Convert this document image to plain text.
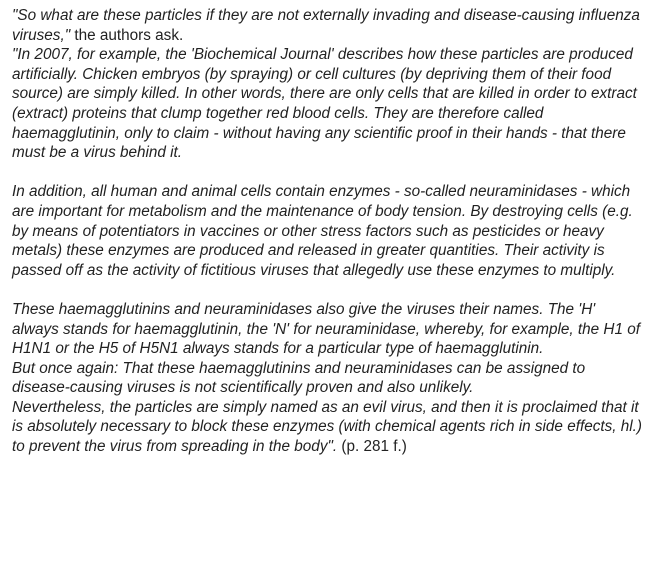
"So what are these particles if they are not externally invading and disease-causing influenza viruses," the authors ask.

"In 2007, for example, the 'Biochemical Journal' describes how these particles are produced artificially. Chicken embryos (by spraying) or cell cultures (by depriving them of their food source) are simply killed. In other words, there are only cells that are killed in order to extract (extract) proteins that clump together red blood cells. They are therefore called haemagglutinin, only to claim - without having any scientific proof in their hands - that there must be a virus behind it.

In addition, all human and animal cells contain enzymes - so-called neuraminidases - which are important for metabolism and the maintenance of body tension. By destroying cells (e.g. by means of potentiators in vaccines or other stress factors such as pesticides or heavy metals) these enzymes are produced and released in greater quantities. Their activity is passed off as the activity of fictitious viruses that allegedly use these enzymes to multiply.

These haemagglutinins and neuraminidases also give the viruses their names. The 'H' always stands for haemagglutinin, the 'N' for neuraminidase, whereby, for example, the H1 of H1N1 or the H5 of H5N1 always stands for a particular type of haemagglutinin.

But once again: That these haemagglutinins and neuraminidases can be assigned to disease-causing viruses is not scientifically proven and also unlikely.

Nevertheless, the particles are simply named as an evil virus, and then it is proclaimed that it is absolutely necessary to block these enzymes (with chemical agents rich in side effects, hl.) to prevent the virus from spreading in the body". (p. 281 f.)
